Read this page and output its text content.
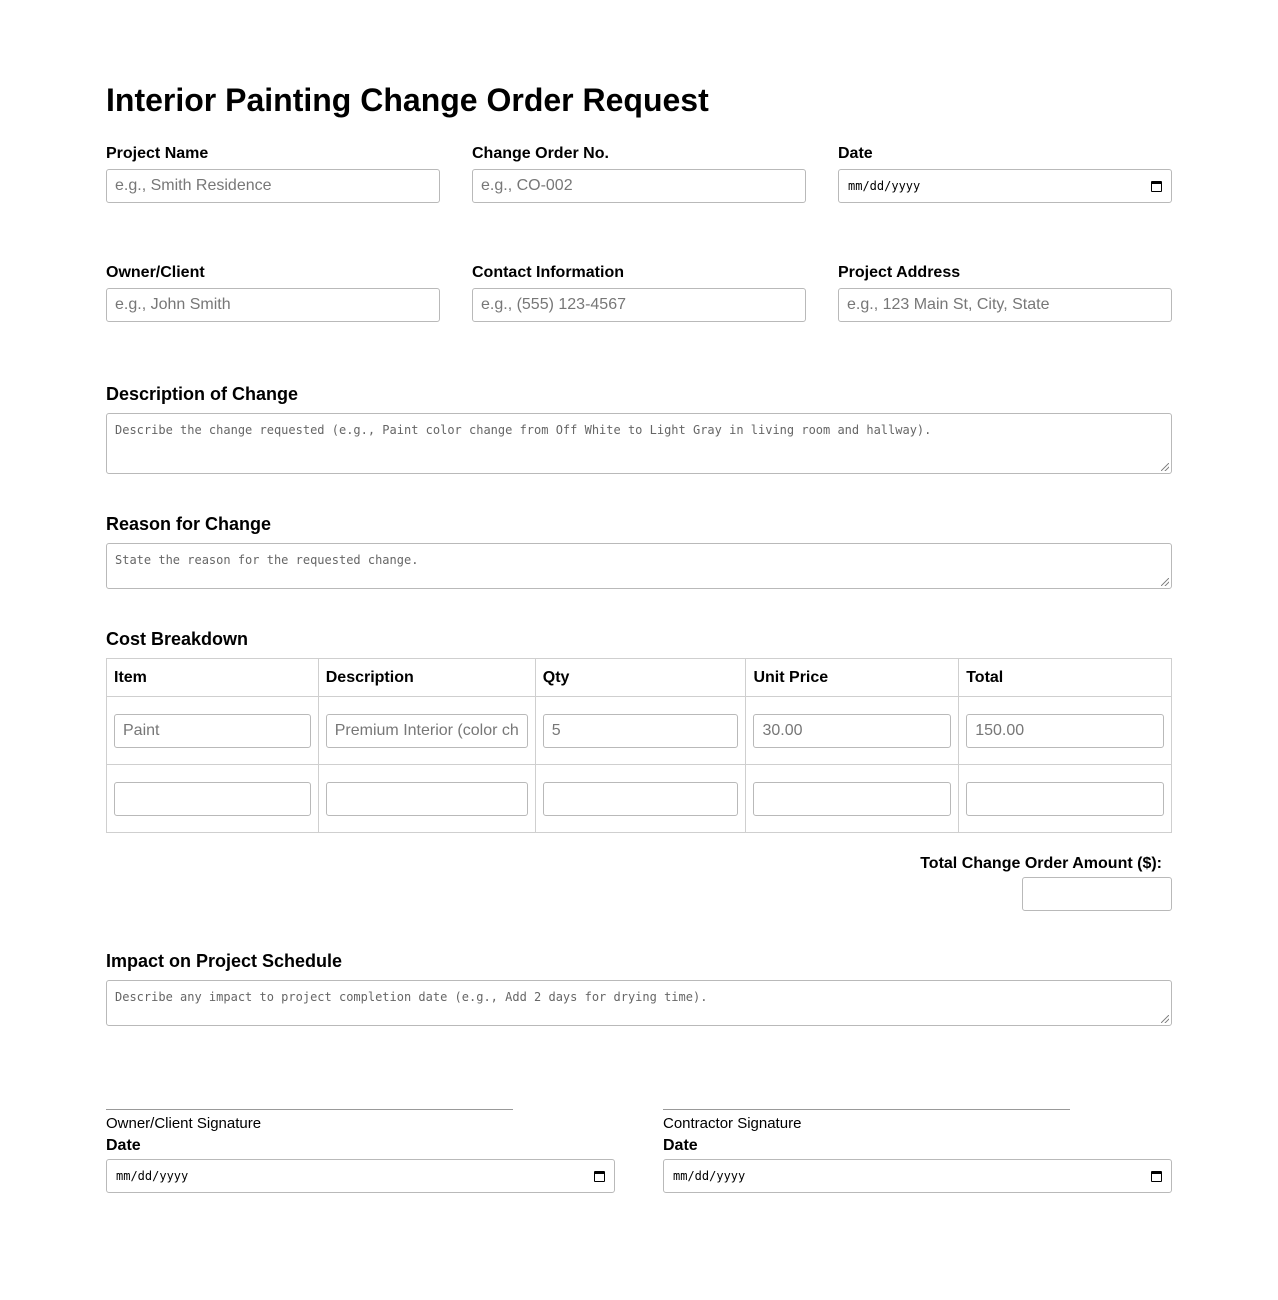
Interior Painting Change Order Request
Project Name
e.g., Smith Residence
Change Order No.
e.g., CO-002
Date
mm/dd/yyyy
Owner/Client
e.g., John Smith
Contact Information
e.g., (555) 123-4567
Project Address
e.g., 123 Main St, City, State
Description of Change
Describe the change requested (e.g., Paint color change from Off White to Light Gray in living room and hallway).
Reason for Change
State the reason for the requested change.
Cost Breakdown
Item	Description	Qty	Unit Price	Total

Paint	Premium Interior (color ch	5	30.00	150.00

Total Change Order Amount ($):
Impact on Project Schedule
Describe any impact to project completion date (e.g., Add 2 days for drying time).
Owner/Client Signature
Date
mm/dd/yyyy
Contractor Signature
Date
mm/dd/yyyy
